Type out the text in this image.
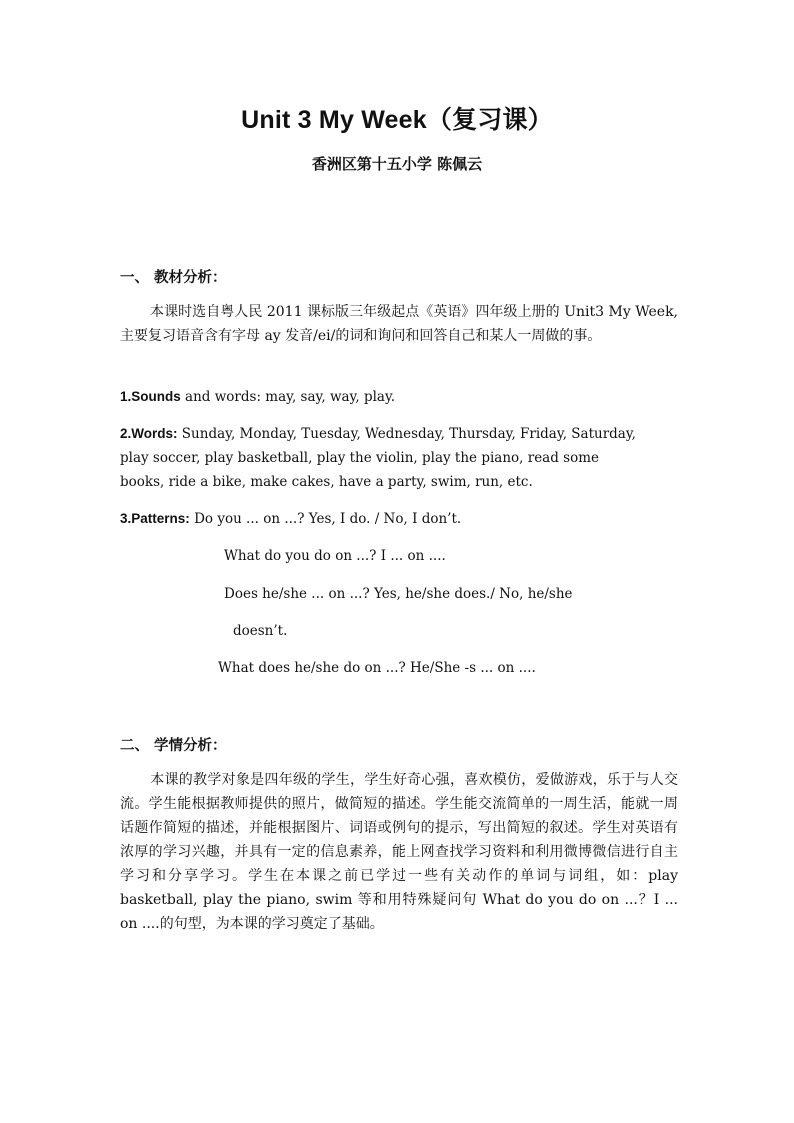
Unit 3 My Week（复习课）
香洲区第十五小学 陈佩云
一、 教材分析：
本课时选自粤人民 2011 课标版三年级起点《英语》四年级上册的 Unit3 My Week, 主要复习语音含有字母 ay 发音/ei/的词和询问和回答自己和某人一周做的事。
1.Sounds and words: may, say, way, play.
2.Words: Sunday, Monday, Tuesday, Wednesday, Thursday, Friday, Saturday,
play soccer, play basketball, play the violin, play the piano, read some
books, ride a bike, make cakes, have a party, swim, run, etc.
3.Patterns: Do you ... on ...? Yes, I do. / No, I don’t.
What do you do on ...? I ... on ....
Does he/she ... on ...? Yes, he/she does./ No, he/she
doesn’t.
What does he/she do on ...? He/She -s ... on ....
二、 学情分析：
本课的教学对象是四年级的学生，学生好奇心强，喜欢模仿，爱做游戏，乐于与人交流。学生能根据教师提供的照片，做简短的描述。学生能交流简单的一周生活，能就一周话题作简短的描述，并能根据图片、词语或例句的提示，写出简短的叙述。学生对英语有浓厚的学习兴趣，并具有一定的信息素养，能上网查找学习资料和利用微博微信进行自主学习和分享学习。学生在本课之前已学过一些有关动作的单词与词组，如：play basketball, play the piano, swim 等和用特殊疑问句 What do you do on ...？I ... on ....的句型，为本课的学习奠定了基础。
